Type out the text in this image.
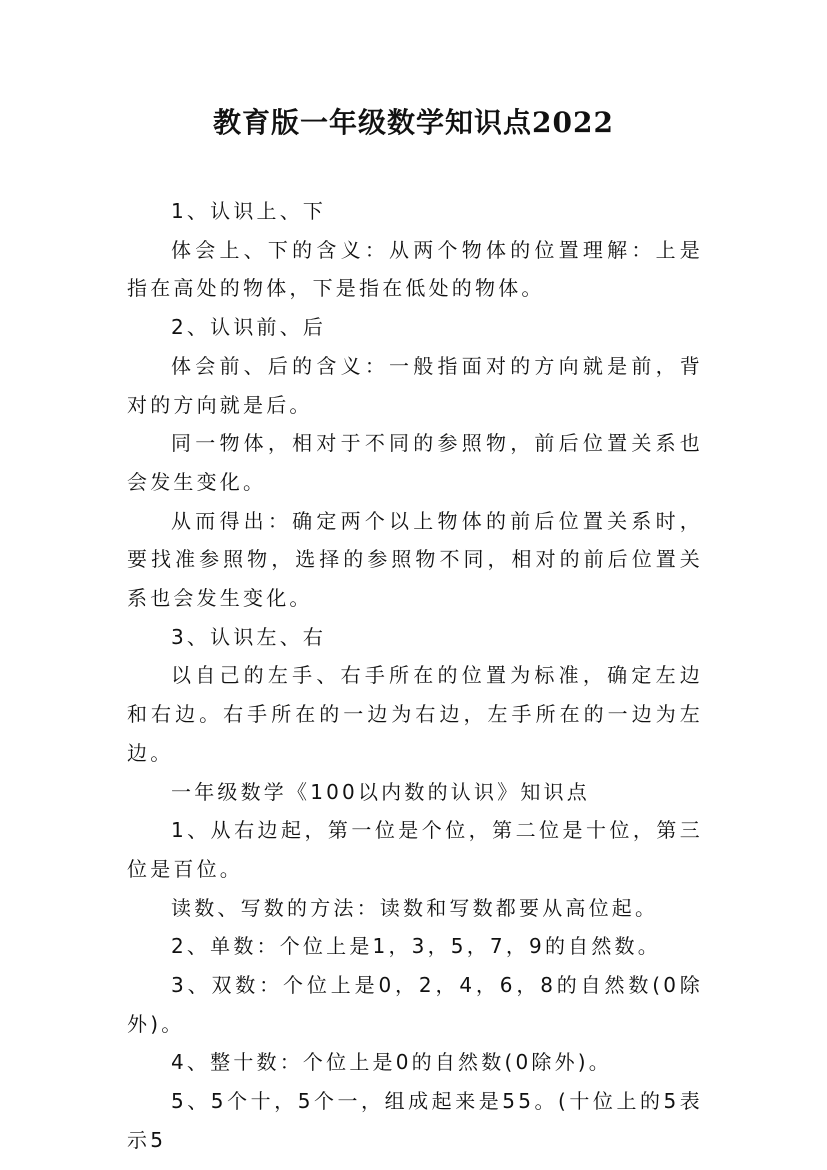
教育版一年级数学知识点2022

1、认识上、下

体会上、下的含义：从两个物体的位置理解：上是指在高处的物体，下是指在低处的物体。

2、认识前、后

体会前、后的含义：一般指面对的方向就是前，背对的方向就是后。

同一物体，相对于不同的参照物，前后位置关系也会发生变化。

从而得出：确定两个以上物体的前后位置关系时，要找准参照物，选择的参照物不同，相对的前后位置关系也会发生变化。

3、认识左、右

以自己的左手、右手所在的位置为标准，确定左边和右边。右手所在的一边为右边，左手所在的一边为左边。

一年级数学《100以内数的认识》知识点

1、从右边起，第一位是个位，第二位是十位，第三位是百位。

读数、写数的方法：读数和写数都要从高位起。

2、单数：个位上是1，3，5，7，9的自然数。

3、双数：个位上是0，2，4，6，8的自然数(0除外)。

4、整十数：个位上是0的自然数(0除外)。

5、5个十，5个一，组成起来是55。(十位上的5表示5
